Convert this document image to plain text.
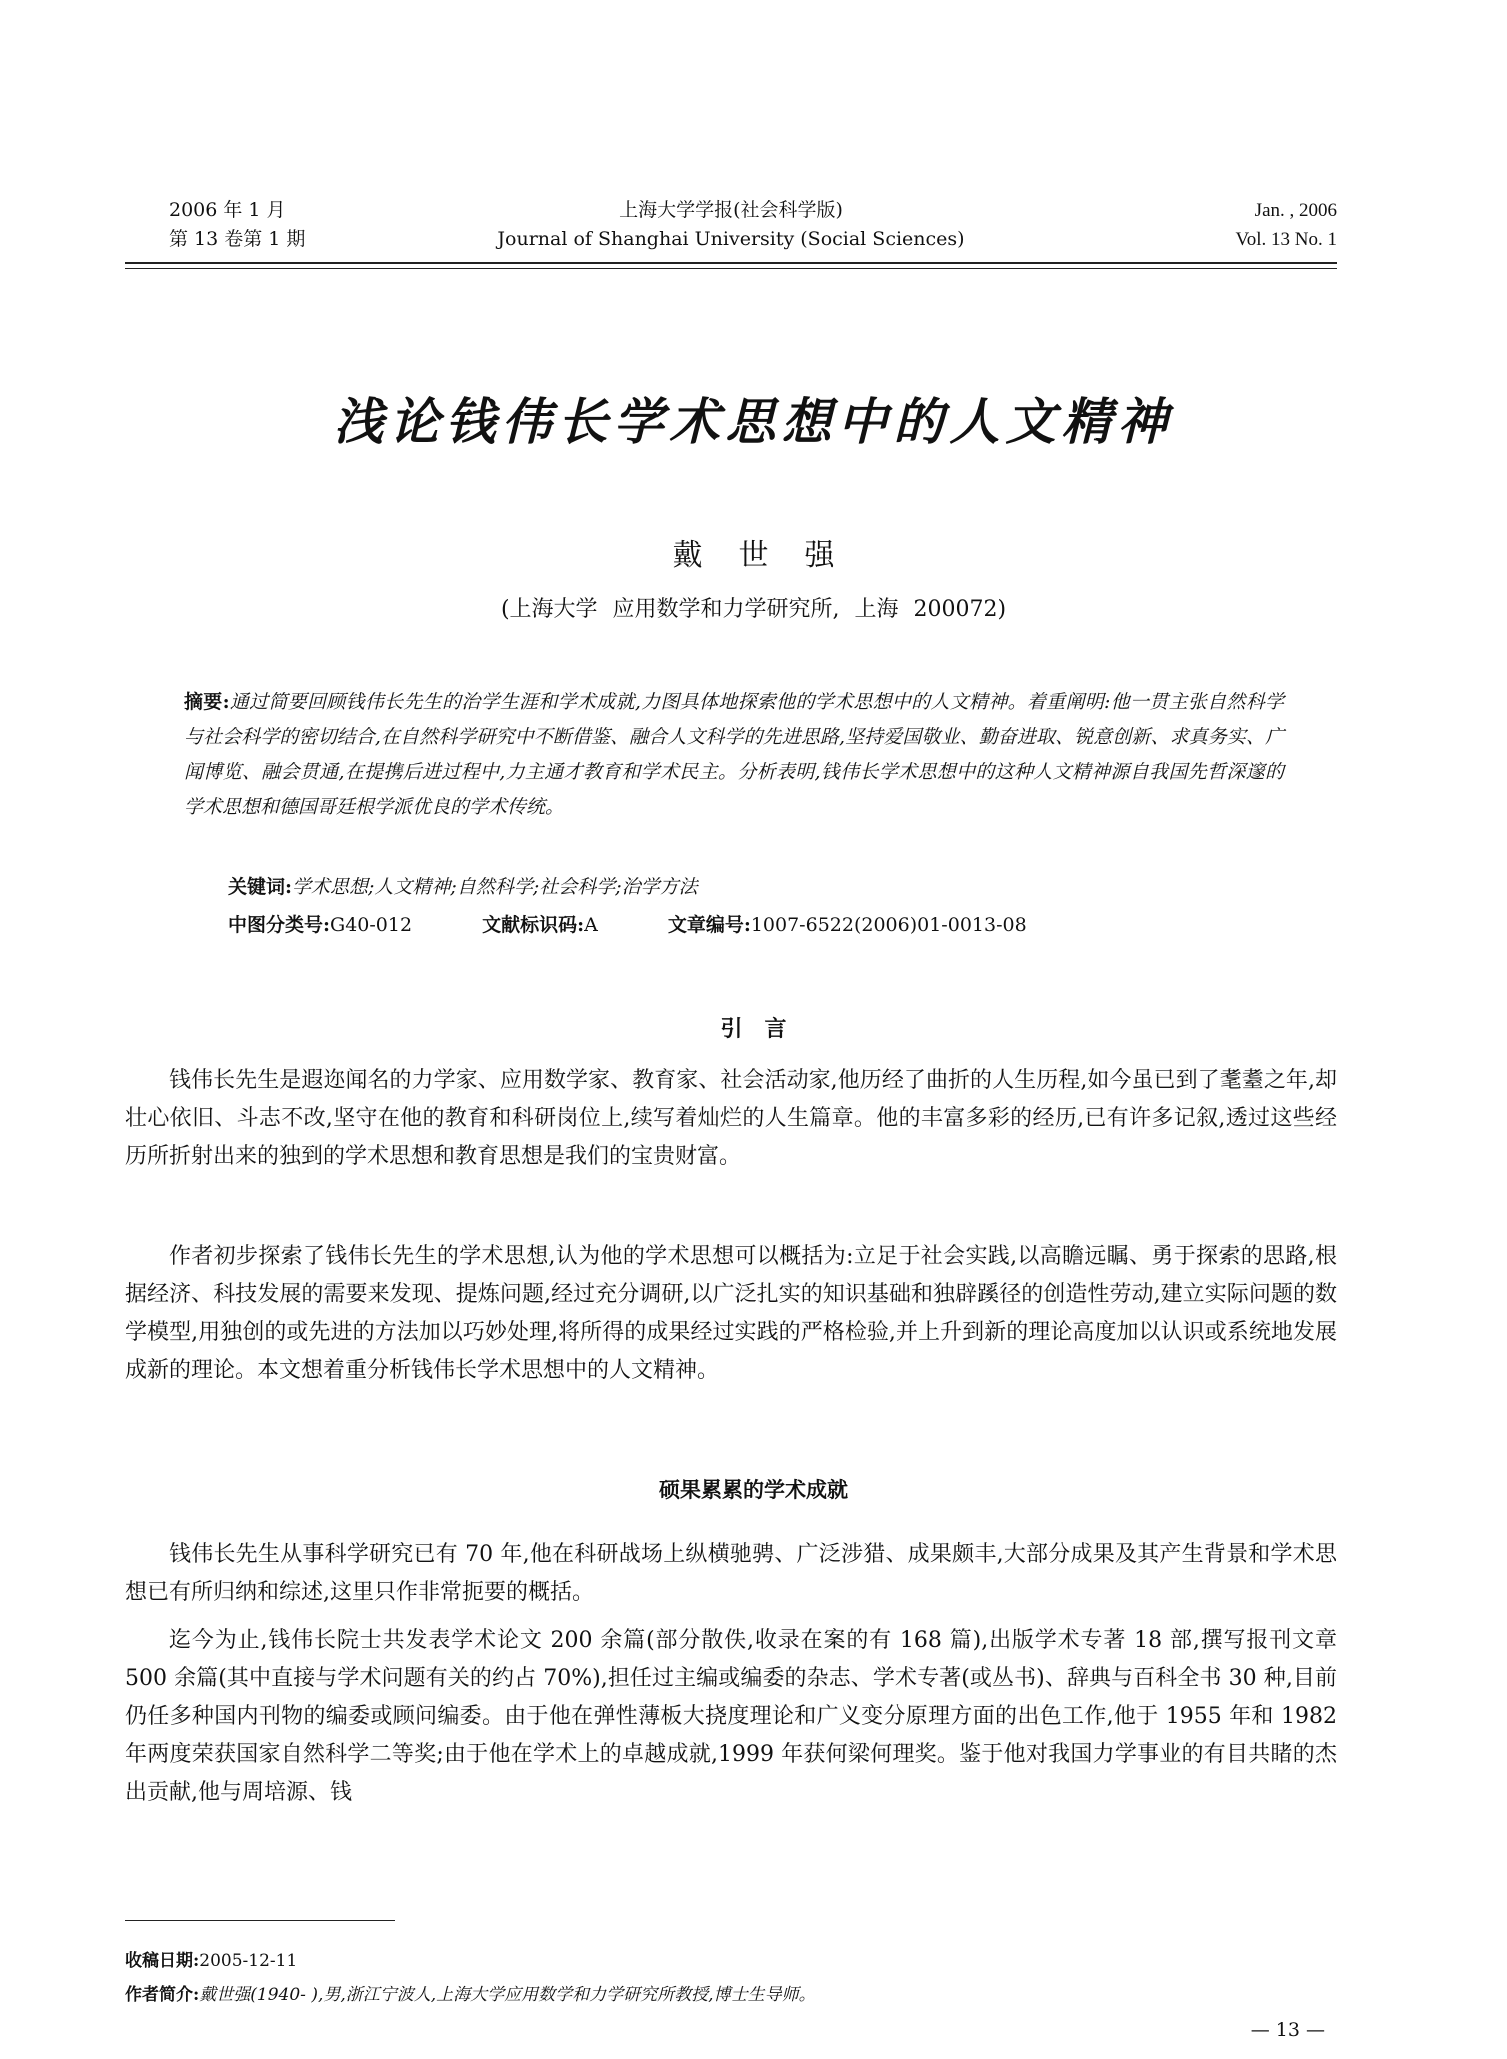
2006 年 1 月
第 13 卷第 1 期
上海大学学报(社会科学版)
Journal of Shanghai University (Social Sciences)
Jan. , 2006
Vol. 13 No. 1
浅论钱伟长学术思想中的人文精神
戴世强
(上海大学 应用数学和力学研究所, 上海 200072)
摘要:通过简要回顾钱伟长先生的治学生涯和学术成就,力图具体地探索他的学术思想中的人文精神。着重阐明:他一贯主张自然科学与社会科学的密切结合,在自然科学研究中不断借鉴、融合人文科学的先进思路,坚持爱国敬业、勤奋进取、锐意创新、求真务实、广闻博览、融会贯通,在提携后进过程中,力主通才教育和学术民主。分析表明,钱伟长学术思想中的这种人文精神源自我国先哲深邃的学术思想和德国哥廷根学派优良的学术传统。
关键词:学术思想;人文精神;自然科学;社会科学;治学方法
中图分类号:G40-012	文献标识码:A	文章编号:1007-6522(2006)01-0013-08
引言

钱伟长先生是遐迩闻名的力学家、应用数学家、教育家、社会活动家,他历经了曲折的人生历程,如今虽已到了耄耋之年,却壮心依旧、斗志不改,坚守在他的教育和科研岗位上,续写着灿烂的人生篇章。他的丰富多彩的经历,已有许多记叙,透过这些经历所折射出来的独到的学术思想和教育思想是我们的宝贵财富。

作者初步探索了钱伟长先生的学术思想,认为他的学术思想可以概括为:立足于社会实践,以高瞻远瞩、勇于探索的思路,根据经济、科技发展的需要来发现、提炼问题,经过充分调研,以广泛扎实的知识基础和独辟蹊径的创造性劳动,建立实际问题的数学模型,用独创的或先进的方法加以巧妙处理,将所得的成果经过实践的严格检验,并上升到新的理论高度加以认识或系统地发展成新的理论。本文想着重分析钱伟长学术思想中的人文精神。

硕果累累的学术成就

钱伟长先生从事科学研究已有 70 年,他在科研战场上纵横驰骋、广泛涉猎、成果颇丰,大部分成果及其产生背景和学术思想已有所归纳和综述,这里只作非常扼要的概括。

迄今为止,钱伟长院士共发表学术论文 200 余篇(部分散佚,收录在案的有 168 篇),出版学术专著 18 部,撰写报刊文章 500 余篇(其中直接与学术问题有关的约占 70%),担任过主编或编委的杂志、学术专著(或丛书)、辞典与百科全书 30 种,目前仍任多种国内刊物的编委或顾问编委。由于他在弹性薄板大挠度理论和广义变分原理方面的出色工作,他于 1955 年和 1982 年两度荣获国家自然科学二等奖;由于他在学术上的卓越成就,1999 年获何梁何理奖。鉴于他对我国力学事业的有目共睹的杰出贡献,他与周培源、钱

收稿日期:2005-12-11
作者简介:戴世强(1940- ),男,浙江宁波人,上海大学应用数学和力学研究所教授,博士生导师。
— 13 —
